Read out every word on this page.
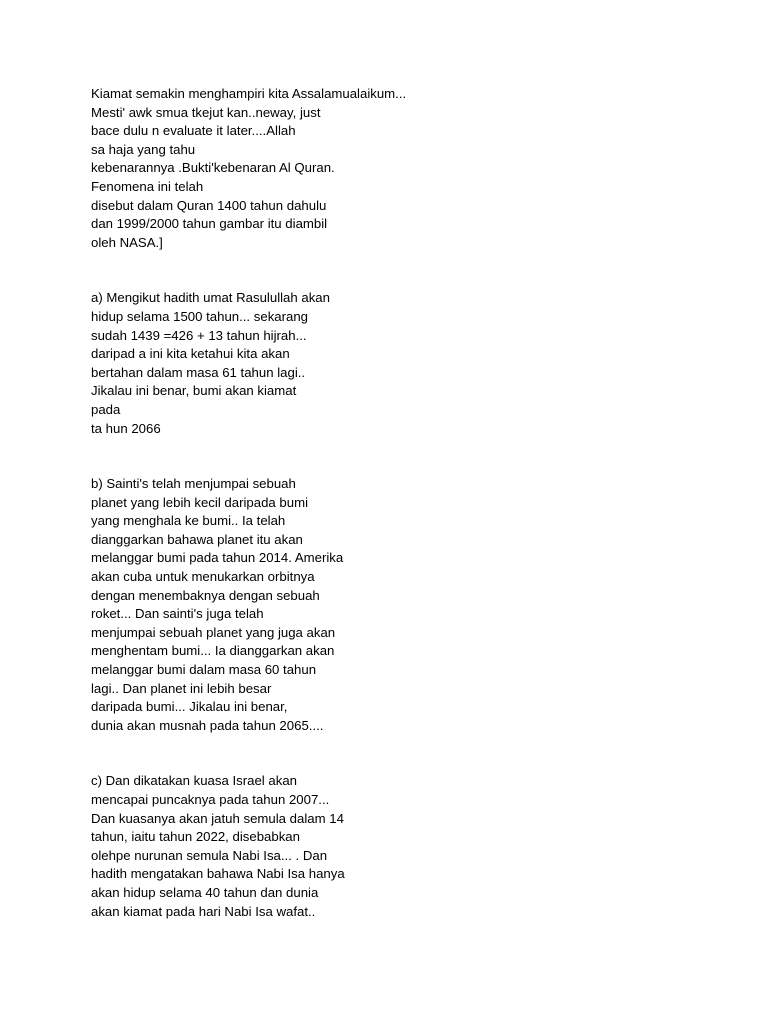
Kiamat semakin menghampiri kita Assalamualaikum...
Mesti' awk smua tkejut kan..neway, just
bace dulu n evaluate it later....Allah
sa haja yang tahu
kebenarannya .Bukti'kebenaran Al Quran.
Fenomena ini telah
disebut dalam Quran 1400 tahun dahulu
dan 1999/2000 tahun gambar itu diambil
oleh NASA.]
a) Mengikut hadith umat Rasulullah akan
hidup selama 1500 tahun... sekarang
sudah 1439 =426 + 13 tahun hijrah...
daripad a ini kita ketahui kita akan
bertahan dalam masa 61 tahun lagi..
Jikalau ini benar, bumi akan kiamat
pada
ta hun 2066
b) Sainti's telah menjumpai sebuah
planet yang lebih kecil daripada bumi
yang menghala ke bumi.. Ia telah
dianggarkan bahawa planet itu akan
melanggar bumi pada tahun 2014. Amerika
akan cuba untuk menukarkan orbitnya
dengan menembaknya dengan sebuah
roket... Dan sainti's juga telah
menjumpai sebuah planet yang juga akan
menghentam bumi... Ia dianggarkan akan
melanggar bumi dalam masa 60 tahun
lagi.. Dan planet ini lebih besar
daripada bumi... Jikalau ini benar,
dunia akan musnah pada tahun 2065....
c) Dan dikatakan kuasa Israel akan
mencapai puncaknya pada tahun 2007...
Dan kuasanya akan jatuh semula dalam 14
tahun, iaitu tahun 2022, disebabkan
olehpe nurunan semula Nabi Isa... . Dan
hadith mengatakan bahawa Nabi Isa hanya
akan hidup selama 40 tahun dan dunia
akan kiamat pada hari Nabi Isa wafat..
